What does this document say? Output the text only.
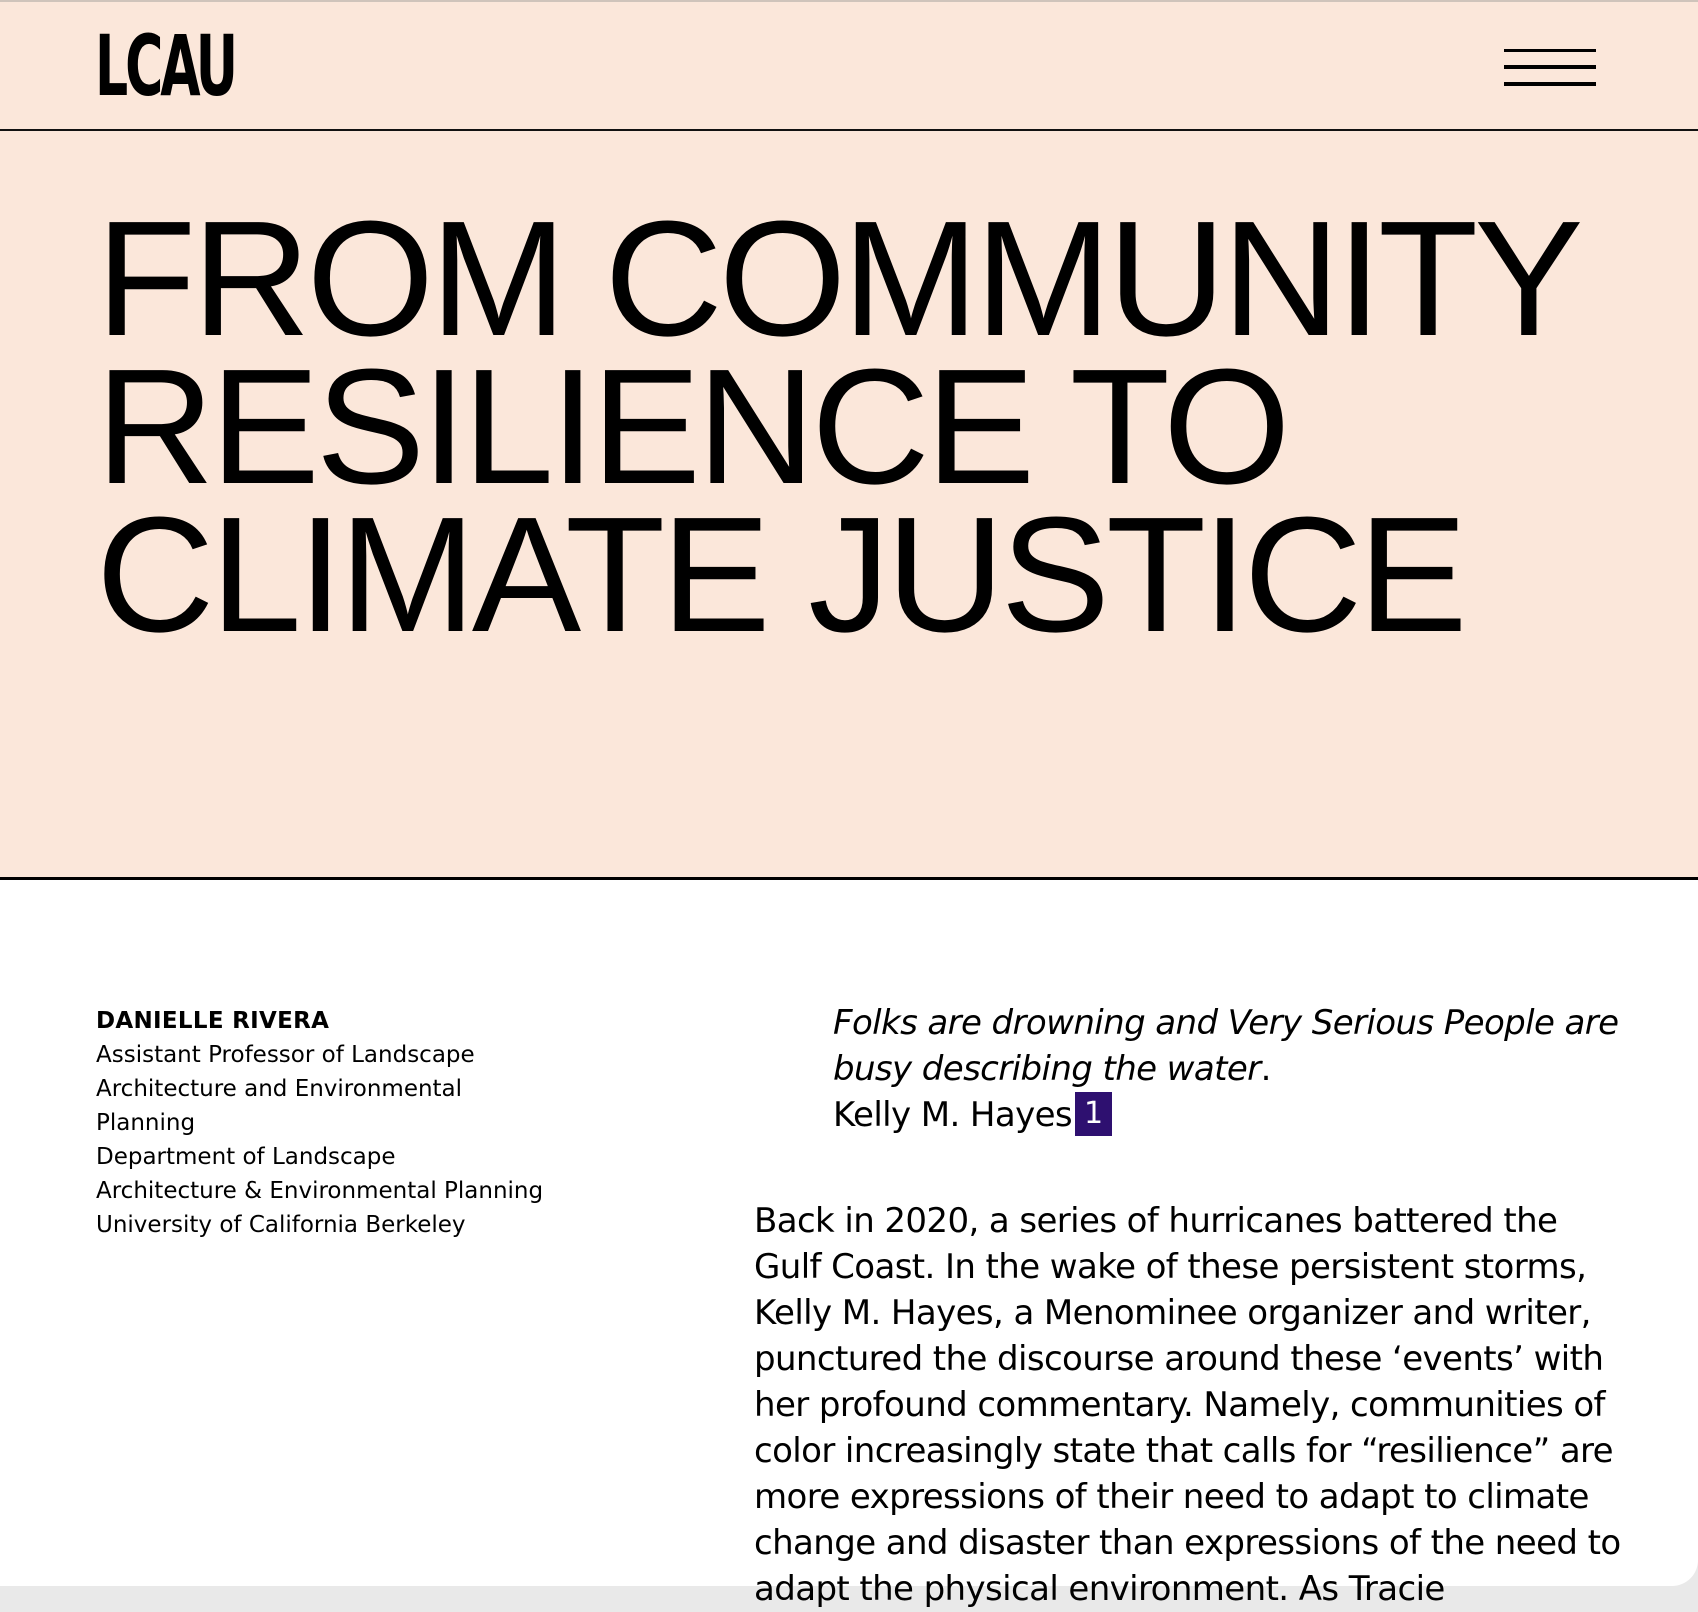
LCAU
FROM COMMUNITY
RESILIENCE TO
CLIMATE JUSTICE
DANIELLE RIVERA
Assistant Professor of Landscape
Architecture and Environmental
Planning
Department of Landscape
Architecture & Environmental Planning
University of California Berkeley
Folks are drowning and Very Serious People are busy describing the water.
Kelly M. Hayes 1

Back in 2020, a series of hurricanes battered the Gulf Coast. In the wake of these persistent storms, Kelly M. Hayes, a Menominee organizer and writer, punctured the discourse around these ‘events’ with her profound commentary. Namely, communities of color increasingly state that calls for “resilience” are more expressions of their need to adapt to climate change and disaster than expressions of the need to adapt the physical environment. As Tracie
